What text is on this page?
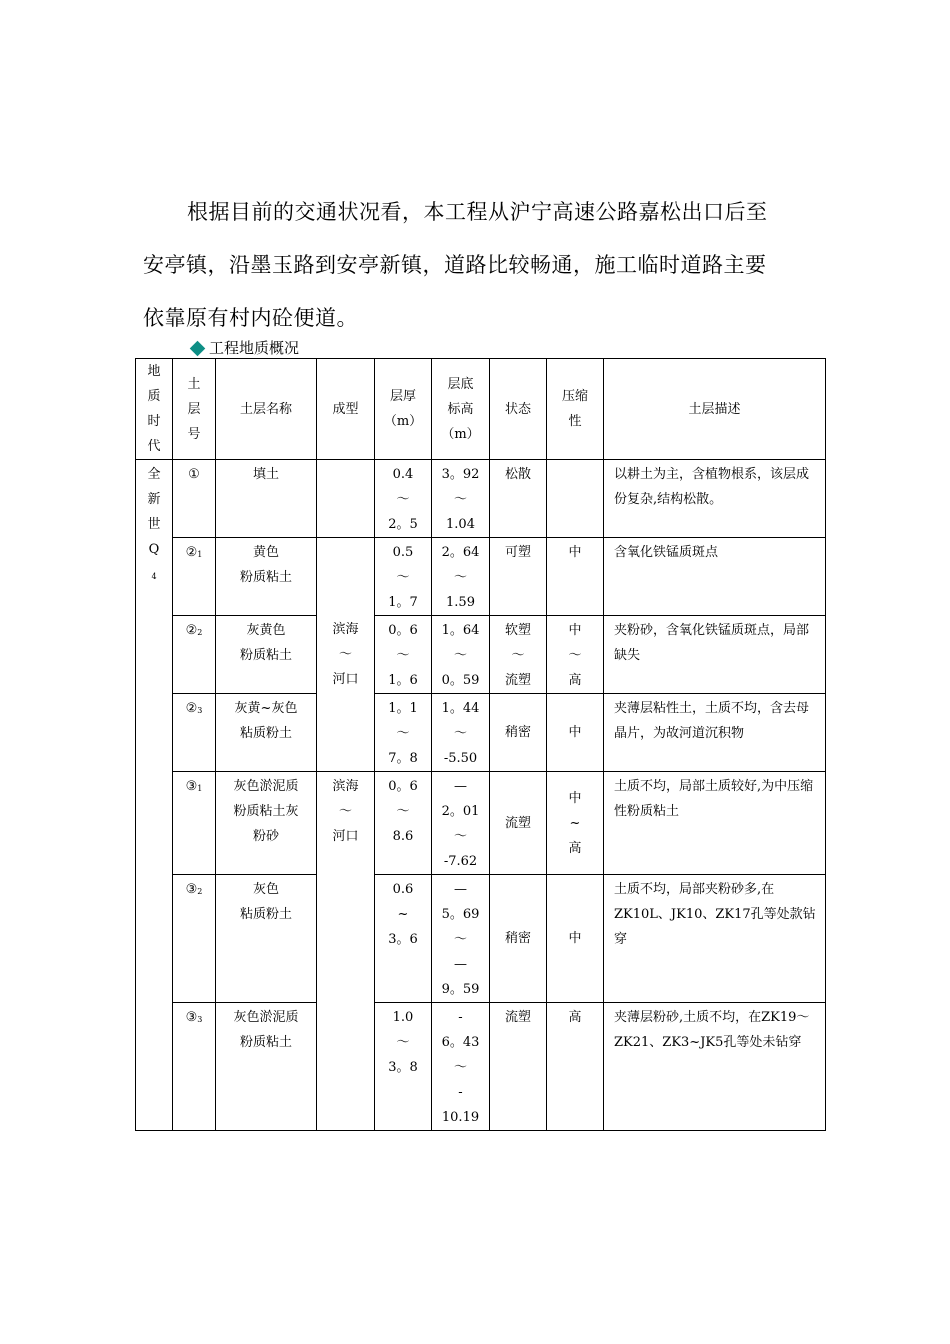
根据目前的交通状况看，本工程从沪宁高速公路嘉松出口后至

安亭镇，沿墨玉路到安亭新镇，道路比较畅通，施工临时道路主要

依靠原有村内砼便道。

工程地质概况
地
质
时
代	土
层
号	土层名称	成型	层厚
（m）	层底
标高
（m）	状态	压缩
性	土层描述

全
新
世
Q
$_4$	①	填土		0.4
～
2。5	3。92
～
1.04	松散		以耕土为主，含植物根系，该层成份复杂,结构松散。
	$②_1$	黄色
粉质粘土	滨海
～
河口	0.5
～
1。7	2。64
～
1.59	可塑	中	含氧化铁锰质斑点
	$②_2$	灰黄色
粉质粘土		0。6
～
1。6	1。64
～
0。59	软塑
～
流塑	中
～
高	夹粉砂，含氧化铁锰质斑点，局部缺失
	$②_3$	灰黄~灰色
粘质粉土		1。1
～
7。8	1。44
～
-5.50	稍密	中	夹薄层粘性土，土质不均，含去母晶片，为故河道沉积物
	$③_1$	灰色淤泥质
粉质粘土灰
粉砂	滨海
～
河口	0。6
～
8.6	—
2。01
～
-7.62	流塑	中
~
高	土质不均，局部土质较好,为中压缩性粉质粘土
	$③_2$	灰色
粘质粉土		0.6
~
3。6	—
5。69
～
—
9。59	稍密	中	土质不均，局部夹粉砂多,在ZK10L、JK10、ZK17孔等处款钻穿
	$③_3$	灰色淤泥质
粉质粘土		1.0
～
3。8	-
6。43
～
-
10.19	流塑	高	夹薄层粉砂,土质不均，在ZK19～ZK21、ZK3~JK5孔等处未钻穿
